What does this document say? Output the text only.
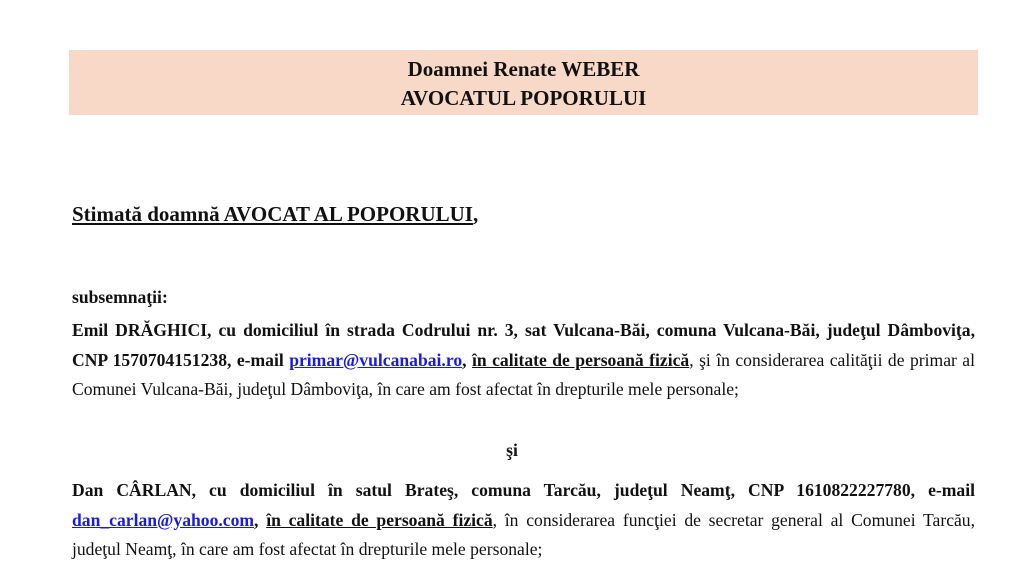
Doamnei Renate WEBER
AVOCATUL POPORULUI
Stimată doamnă AVOCAT AL POPORULUI,
subsemnaţii:
Emil DRĂGHICI, cu domiciliul în strada Codrului nr. 3, sat Vulcana-Băi, comuna Vulcana-Băi, judeţul Dâmboviţa, CNP 1570704151238, e-mail primar@vulcanabai.ro, în calitate de persoană fizică, şi în considerarea calităţii de primar al Comunei Vulcana-Băi, judeţul Dâmboviţa, în care am fost afectat în drepturile mele personale;
şi
Dan CÂRLAN, cu domiciliul în satul Brateş, comuna Tarcău, judeţul Neamţ, CNP 1610822227780, e-mail dan_carlan@yahoo.com, în calitate de persoană fizică, în considerarea funcţiei de secretar general al Comunei Tarcău, judeţul Neamţ, în care am fost afectat în drepturile mele personale;
